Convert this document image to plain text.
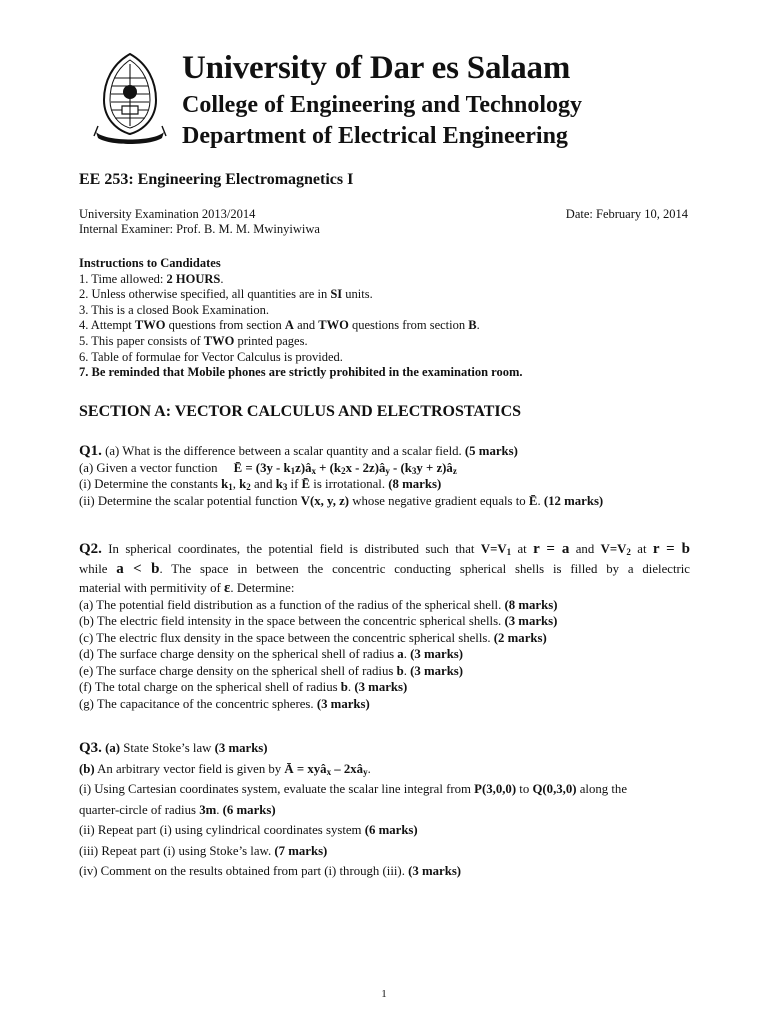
University of Dar es Salaam
College of Engineering and Technology
Department of Electrical Engineering
EE 253: Engineering Electromagnetics I
University Examination 2013/2014	Date: February 10, 2014
Internal Examiner: Prof. B. M. M. Mwinyiwiwa
Instructions to Candidates
1. Time allowed: 2 HOURS.
2. Unless otherwise specified, all quantities are in SI units.
3. This is a closed Book Examination.
4. Attempt TWO questions from section A and TWO questions from section B.
5. This paper consists of TWO printed pages.
6. Table of formulae for Vector Calculus is provided.
7. Be reminded that Mobile phones are strictly prohibited in the examination room.
SECTION A: VECTOR CALCULUS AND ELECTROSTATICS
Q1. (a) What is the difference between a scalar quantity and a scalar field. (5 marks)
(a) Given a vector function Ē = $(3y - k_1z)â_x + (k_2x$ - $2z)â_y - (k_3y$ + $z)â_z$
(i) Determine the constants $k_1$, $k_2$ and $k_3$ if Ē is irrotational. (8 marks)
(ii) Determine the scalar potential function V(x, y, z) whose negative gradient equals to Ē. (12 marks)
Q2. In spherical coordinates, the potential field is distributed such that $V=V_1$ at r = a and $V=V_2$ at r = b
while a < b. The space in between the concentric conducting spherical shells is filled by a dielectric
material with permitivity of ε. Determine:
(a) The potential field distribution as a function of the radius of the spherical shell. (8 marks)
(b) The electric field intensity in the space between the concentric spherical shells. (3 marks)
(c) The electric flux density in the space between the concentric spherical shells. (2 marks)
(d) The surface charge density on the spherical shell of radius a. (3 marks)
(e) The surface charge density on the spherical shell of radius b. (3 marks)
(f) The total charge on the spherical shell of radius b. (3 marks)
(g) The capacitance of the concentric spheres. (3 marks)
Q3. (a) State Stoke’s law (3 marks)
(b) An arbitrary vector field is given by Ā = xyâ$_x$ – $2xâ_y$.
(i) Using Cartesian coordinates system, evaluate the scalar line integral from P(3,0,0) to Q(0,3,0) along the
quarter-circle of radius 3m. (6 marks)
(ii) Repeat part (i) using cylindrical coordinates system (6 marks)
(iii) Repeat part (i) using Stoke’s law. (7 marks)
(iv) Comment on the results obtained from part (i) through (iii). (3 marks)
1
